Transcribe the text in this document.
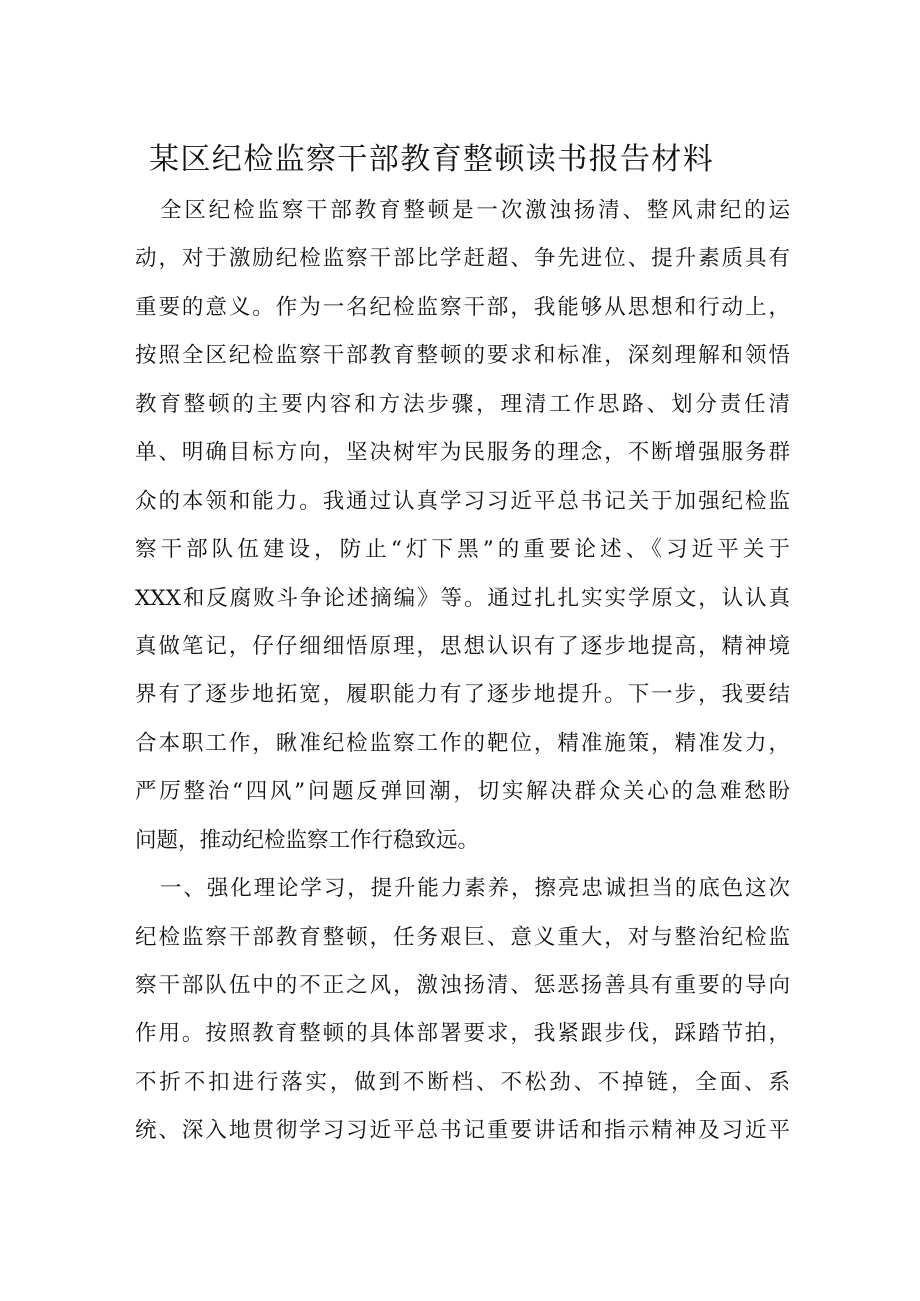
某区纪检监察干部教育整顿读书报告材料
全区纪检监察干部教育整顿是一次激浊扬清、整风肃纪的运
动，对于激励纪检监察干部比学赶超、争先进位、提升素质具有
重要的意义。作为一名纪检监察干部，我能够从思想和行动上，
按照全区纪检监察干部教育整顿的要求和标准，深刻理解和领悟
教育整顿的主要内容和方法步骤，理清工作思路、划分责任清
单、明确目标方向，坚决树牢为民服务的理念，不断增强服务群
众的本领和能力。我通过认真学习习近平总书记关于加强纪检监
察干部队伍建设，防止“灯下黑”的重要论述、《习近平关于
XXX和反腐败斗争论述摘编》等。通过扎扎实实学原文，认认真
真做笔记，仔仔细细悟原理，思想认识有了逐步地提高，精神境
界有了逐步地拓宽，履职能力有了逐步地提升。下一步，我要结
合本职工作，瞅准纪检监察工作的靶位，精准施策，精准发力，
严厉整治“四风”问题反弹回潮，切实解决群众关心的急难愁盼
问题，推动纪检监察工作行稳致远。
一、强化理论学习，提升能力素养，擦亮忠诚担当的底色这次
纪检监察干部教育整顿，任务艰巨、意义重大，对与整治纪检监
察干部队伍中的不正之风，激浊扬清、惩恶扬善具有重要的导向
作用。按照教育整顿的具体部署要求，我紧跟步伐，踩踏节拍，
不折不扣进行落实，做到不断档、不松劲、不掉链，全面、系
统、深入地贯彻学习习近平总书记重要讲话和指示精神及习近平
